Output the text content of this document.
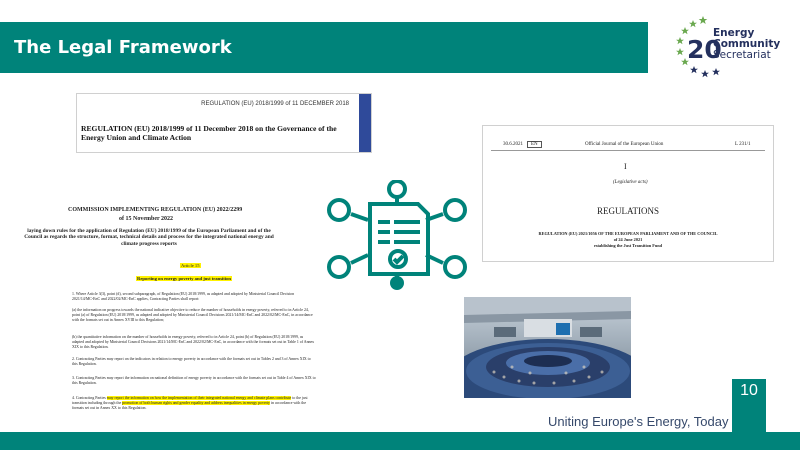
The Legal Framework	20
Energy
Community
Secretariat
REGULATION (EU) 2018/1999 of 11 DECEMBER 2018
REGULATION (EU) 2018/1999 of 11 December 2018 on the Governance of the Energy Union and Climate Action
COMMISSION IMPLEMENTING REGULATION (EU) 2022/2299
of 15 November 2022
laying down rules for the application of Regulation (EU) 2018/1999 of the European Parliament and of the Council as regards the structure, format, technical details and process for the integrated national energy and climate progress reports
Article 15
Reporting on energy poverty and just transition
1. Where Article 3(3), point (d), second subparagraph, of Regulation (EU) 2018/1999, as adapted and adopted by Ministerial Council Decision 2021/14/MC-EnC and 2022/02/MC-EnC applies, Contracting Parties shall report:
(a) the information on progress towards the national indicative objective to reduce the number of households in energy poverty, referred to in Article 24, point (a) of Regulation (EU) 2018/1999, as adapted and adopted by Ministerial Council Decisions 2021/14/MC-EnC and 2022/02/MC-EnC, in accordance with the formats set out in Annex XVIII to this Regulation;
(b) the quantitative information on the number of households in energy poverty, referred to in Article 24, point (b) of Regulation (EU) 2018/1999, as adapted and adopted by Ministerial Council Decisions 2021/14/MC-EnC and 2022/02/MC-EnC, in accordance with the formats set out in Table 1 of Annex XIX to this Regulation.
2. Contracting Parties may report on the indicators in relation to energy poverty in accordance with the formats set out in Tables 2 and 3 of Annex XIX to this Regulation.
3. Contracting Parties may report the information on national definition of energy poverty in accordance with the formats set out in Table 4 of Annex XIX to this Regulation.
4. Contracting Parties may report the information on how the implementation of their integrated national energy and climate plans contribute to the just transition including through the promotion of both human rights and gender equality and address inequalities in energy poverty in accordance with the formats set out in Annex XX to this Regulation.
30.6.2021	EN	Official Journal of the European Union	L 231/1
I
(Legislative acts)
REGULATIONS
REGULATION (EU) 2021/1056 OF THE EUROPEAN PARLIAMENT AND OF THE COUNCIL
of 24 June 2021
establishing the Just Transition Fund
Uniting Europe's Energy, Today
10
